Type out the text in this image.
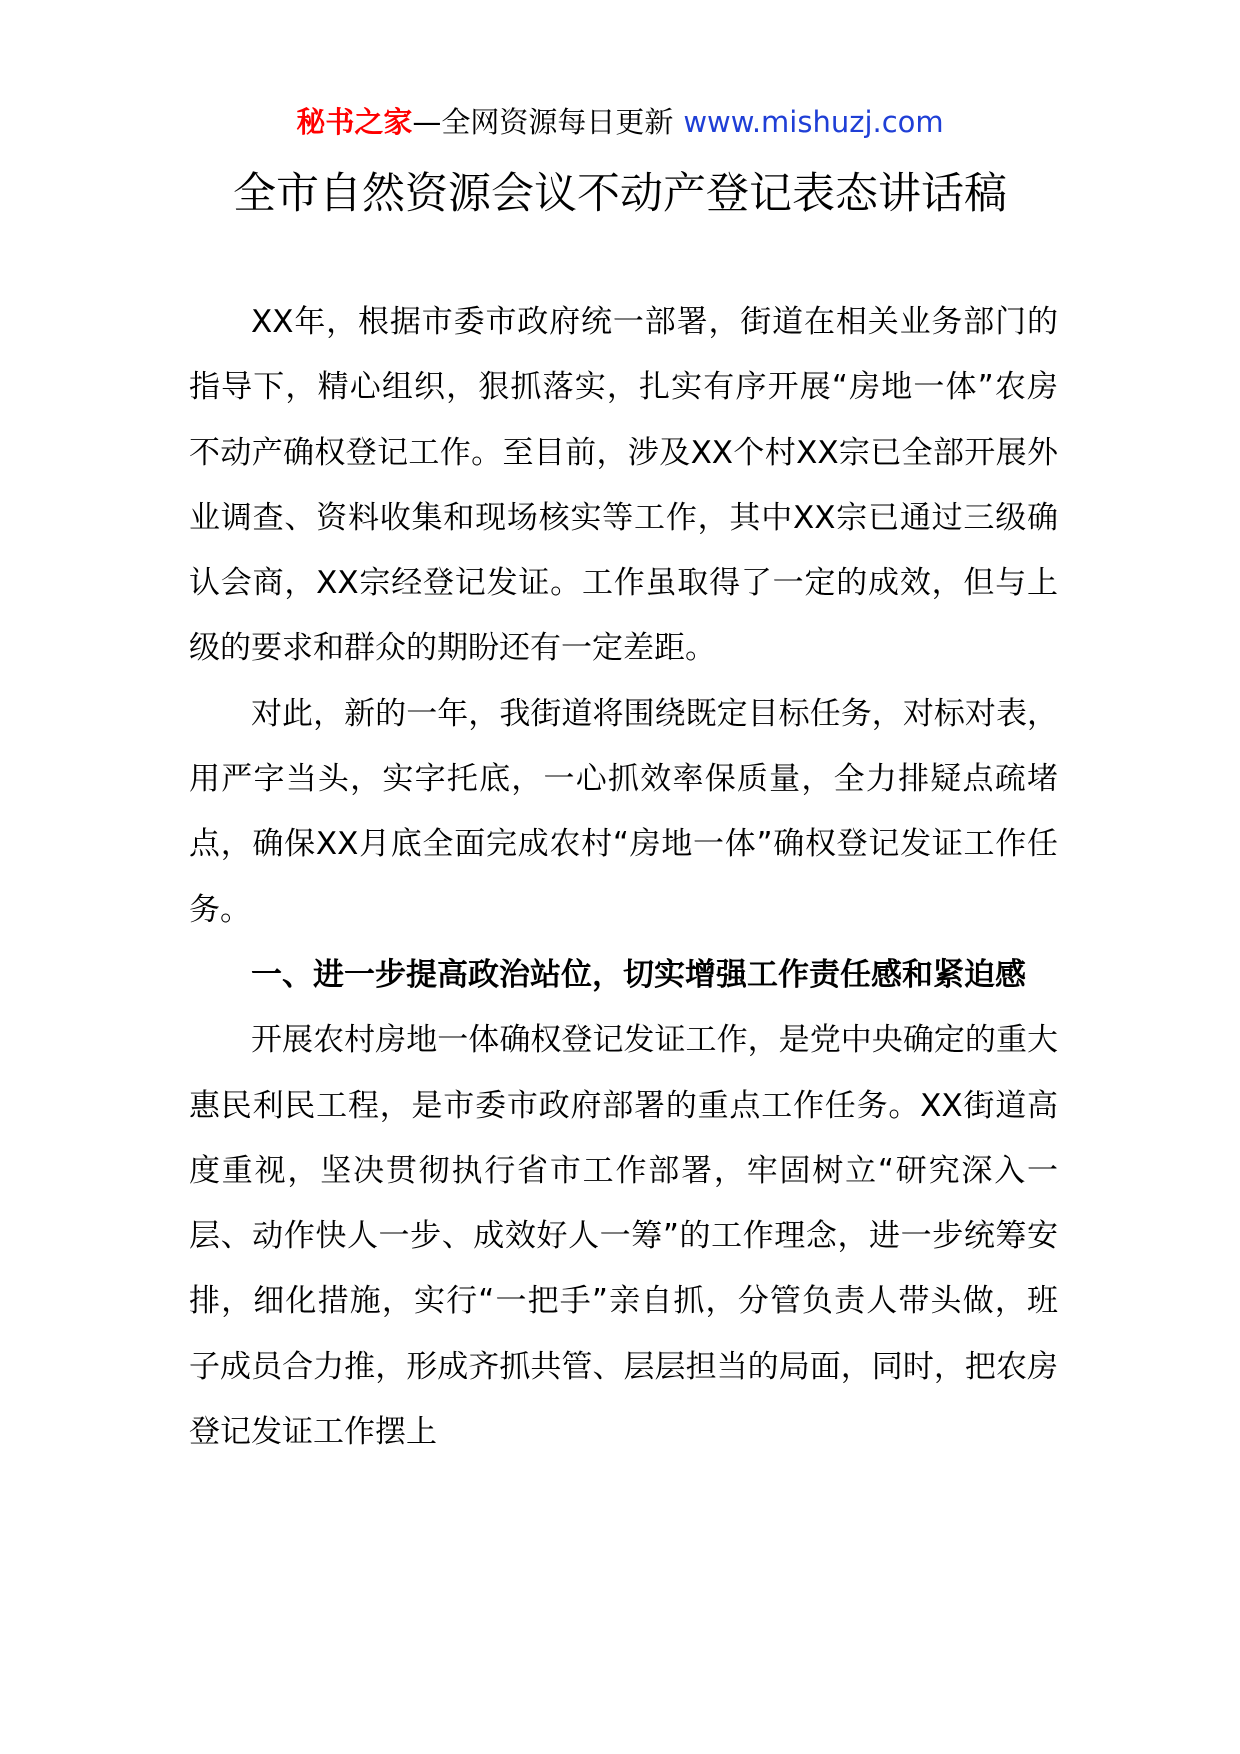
秘书之家—全网资源每日更新 www.mishuzj.com
全市自然资源会议不动产登记表态讲话稿

XX年，根据市委市政府统一部署，街道在相关业务部门的指导下，精心组织，狠抓落实，扎实有序开展“房地一体”农房不动产确权登记工作。至目前，涉及XX个村XX宗已全部开展外业调查、资料收集和现场核实等工作，其中XX宗已通过三级确认会商，XX宗经登记发证。工作虽取得了一定的成效，但与上级的要求和群众的期盼还有一定差距。

对此，新的一年，我街道将围绕既定目标任务，对标对表，用严字当头，实字托底，一心抓效率保质量，全力排疑点疏堵点，确保XX月底全面完成农村“房地一体”确权登记发证工作任务。

一、进一步提高政治站位，切实增强工作责任感和紧迫感

开展农村房地一体确权登记发证工作，是党中央确定的重大惠民利民工程，是市委市政府部署的重点工作任务。XX街道高度重视，坚决贯彻执行省市工作部署，牢固树立“研究深入一层、动作快人一步、成效好人一筹”的工作理念，进一步统筹安排，细化措施，实行“一把手”亲自抓，分管负责人带头做，班子成员合力推，形成齐抓共管、层层担当的局面，同时，把农房登记发证工作摆上
